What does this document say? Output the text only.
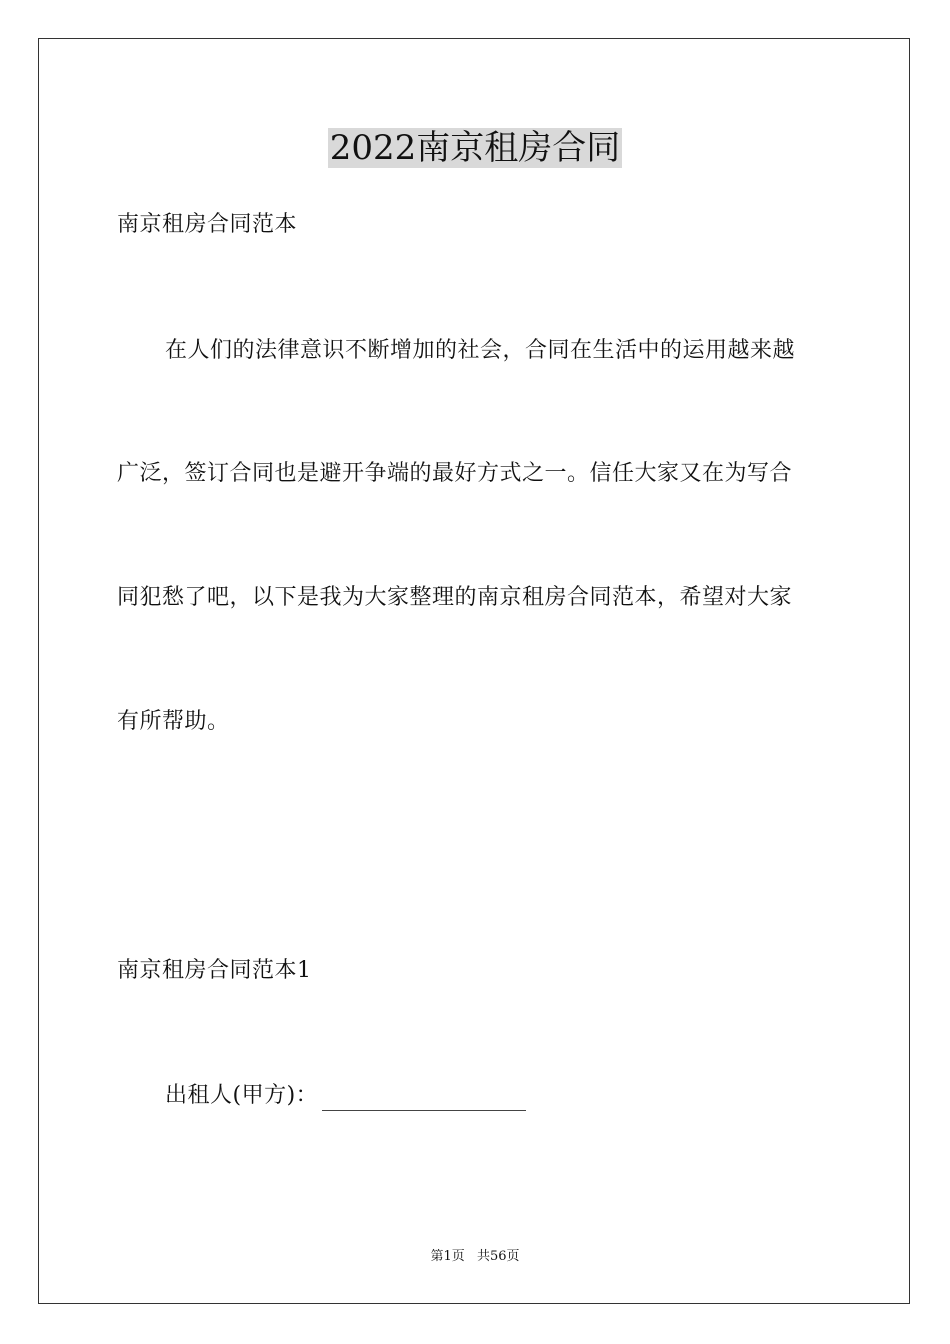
2022南京租房合同
南京租房合同范本
在人们的法律意识不断增加的社会，合同在生活中的运用越来越
广泛，签订合同也是避开争端的最好方式之一。信任大家又在为写合
同犯愁了吧，以下是我为大家整理的南京租房合同范本，希望对大家
有所帮助。
南京租房合同范本1
出租人(甲方)：
第1页 共56页
